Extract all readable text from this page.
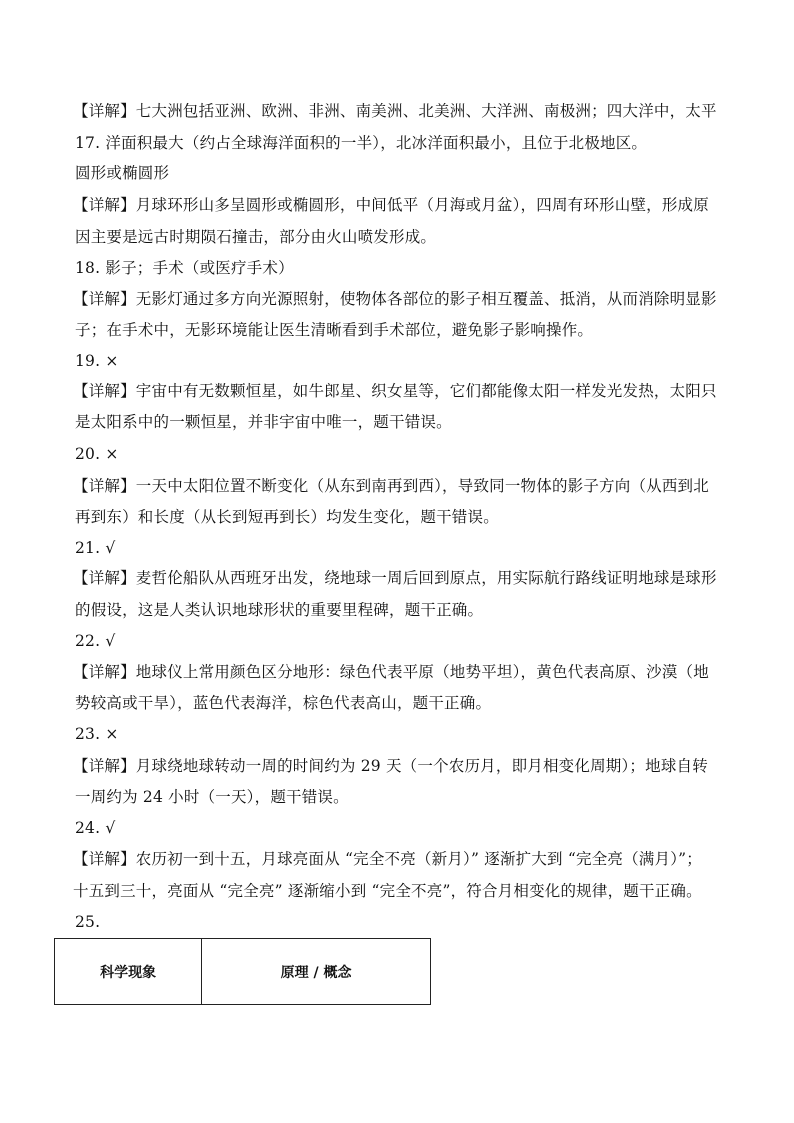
【详解】七大洲包括亚洲、欧洲、非洲、南美洲、北美洲、大洋洲、南极洲；四大洋中，太平
17. 洋面积最大（约占全球海洋面积的一半），北冰洋面积最小，且位于北极地区。
圆形或椭圆形
【详解】月球环形山多呈圆形或椭圆形，中间低平（月海或月盆），四周有环形山壁，形成原
因主要是远古时期陨石撞击，部分由火山喷发形成。
18. 影子；手术（或医疗手术）
【详解】无影灯通过多方向光源照射，使物体各部位的影子相互覆盖、抵消，从而消除明显影
子；在手术中，无影环境能让医生清晰看到手术部位，避免影子影响操作。
19. ×
【详解】宇宙中有无数颗恒星，如牛郎星、织女星等，它们都能像太阳一样发光发热，太阳只
是太阳系中的一颗恒星，并非宇宙中唯一，题干错误。
20. ×
【详解】一天中太阳位置不断变化（从东到南再到西），导致同一物体的影子方向（从西到北
再到东）和长度（从长到短再到长）均发生变化，题干错误。
21. √
【详解】麦哲伦船队从西班牙出发，绕地球一周后回到原点，用实际航行路线证明地球是球形
的假设，这是人类认识地球形状的重要里程碑，题干正确。
22. √
【详解】地球仪上常用颜色区分地形：绿色代表平原（地势平坦），黄色代表高原、沙漠（地
势较高或干旱），蓝色代表海洋，棕色代表高山，题干正确。
23. ×
【详解】月球绕地球转动一周的时间约为 29 天（一个农历月，即月相变化周期）；地球自转
一周约为 24 小时（一天），题干错误。
24. √
【详解】农历初一到十五，月球亮面从 “完全不亮（新月）” 逐渐扩大到 “完全亮（满月）”；
十五到三十，亮面从 “完全亮” 逐渐缩小到 “完全不亮”，符合月相变化的规律，题干正确。
25.
科学现象	原理 / 概念
